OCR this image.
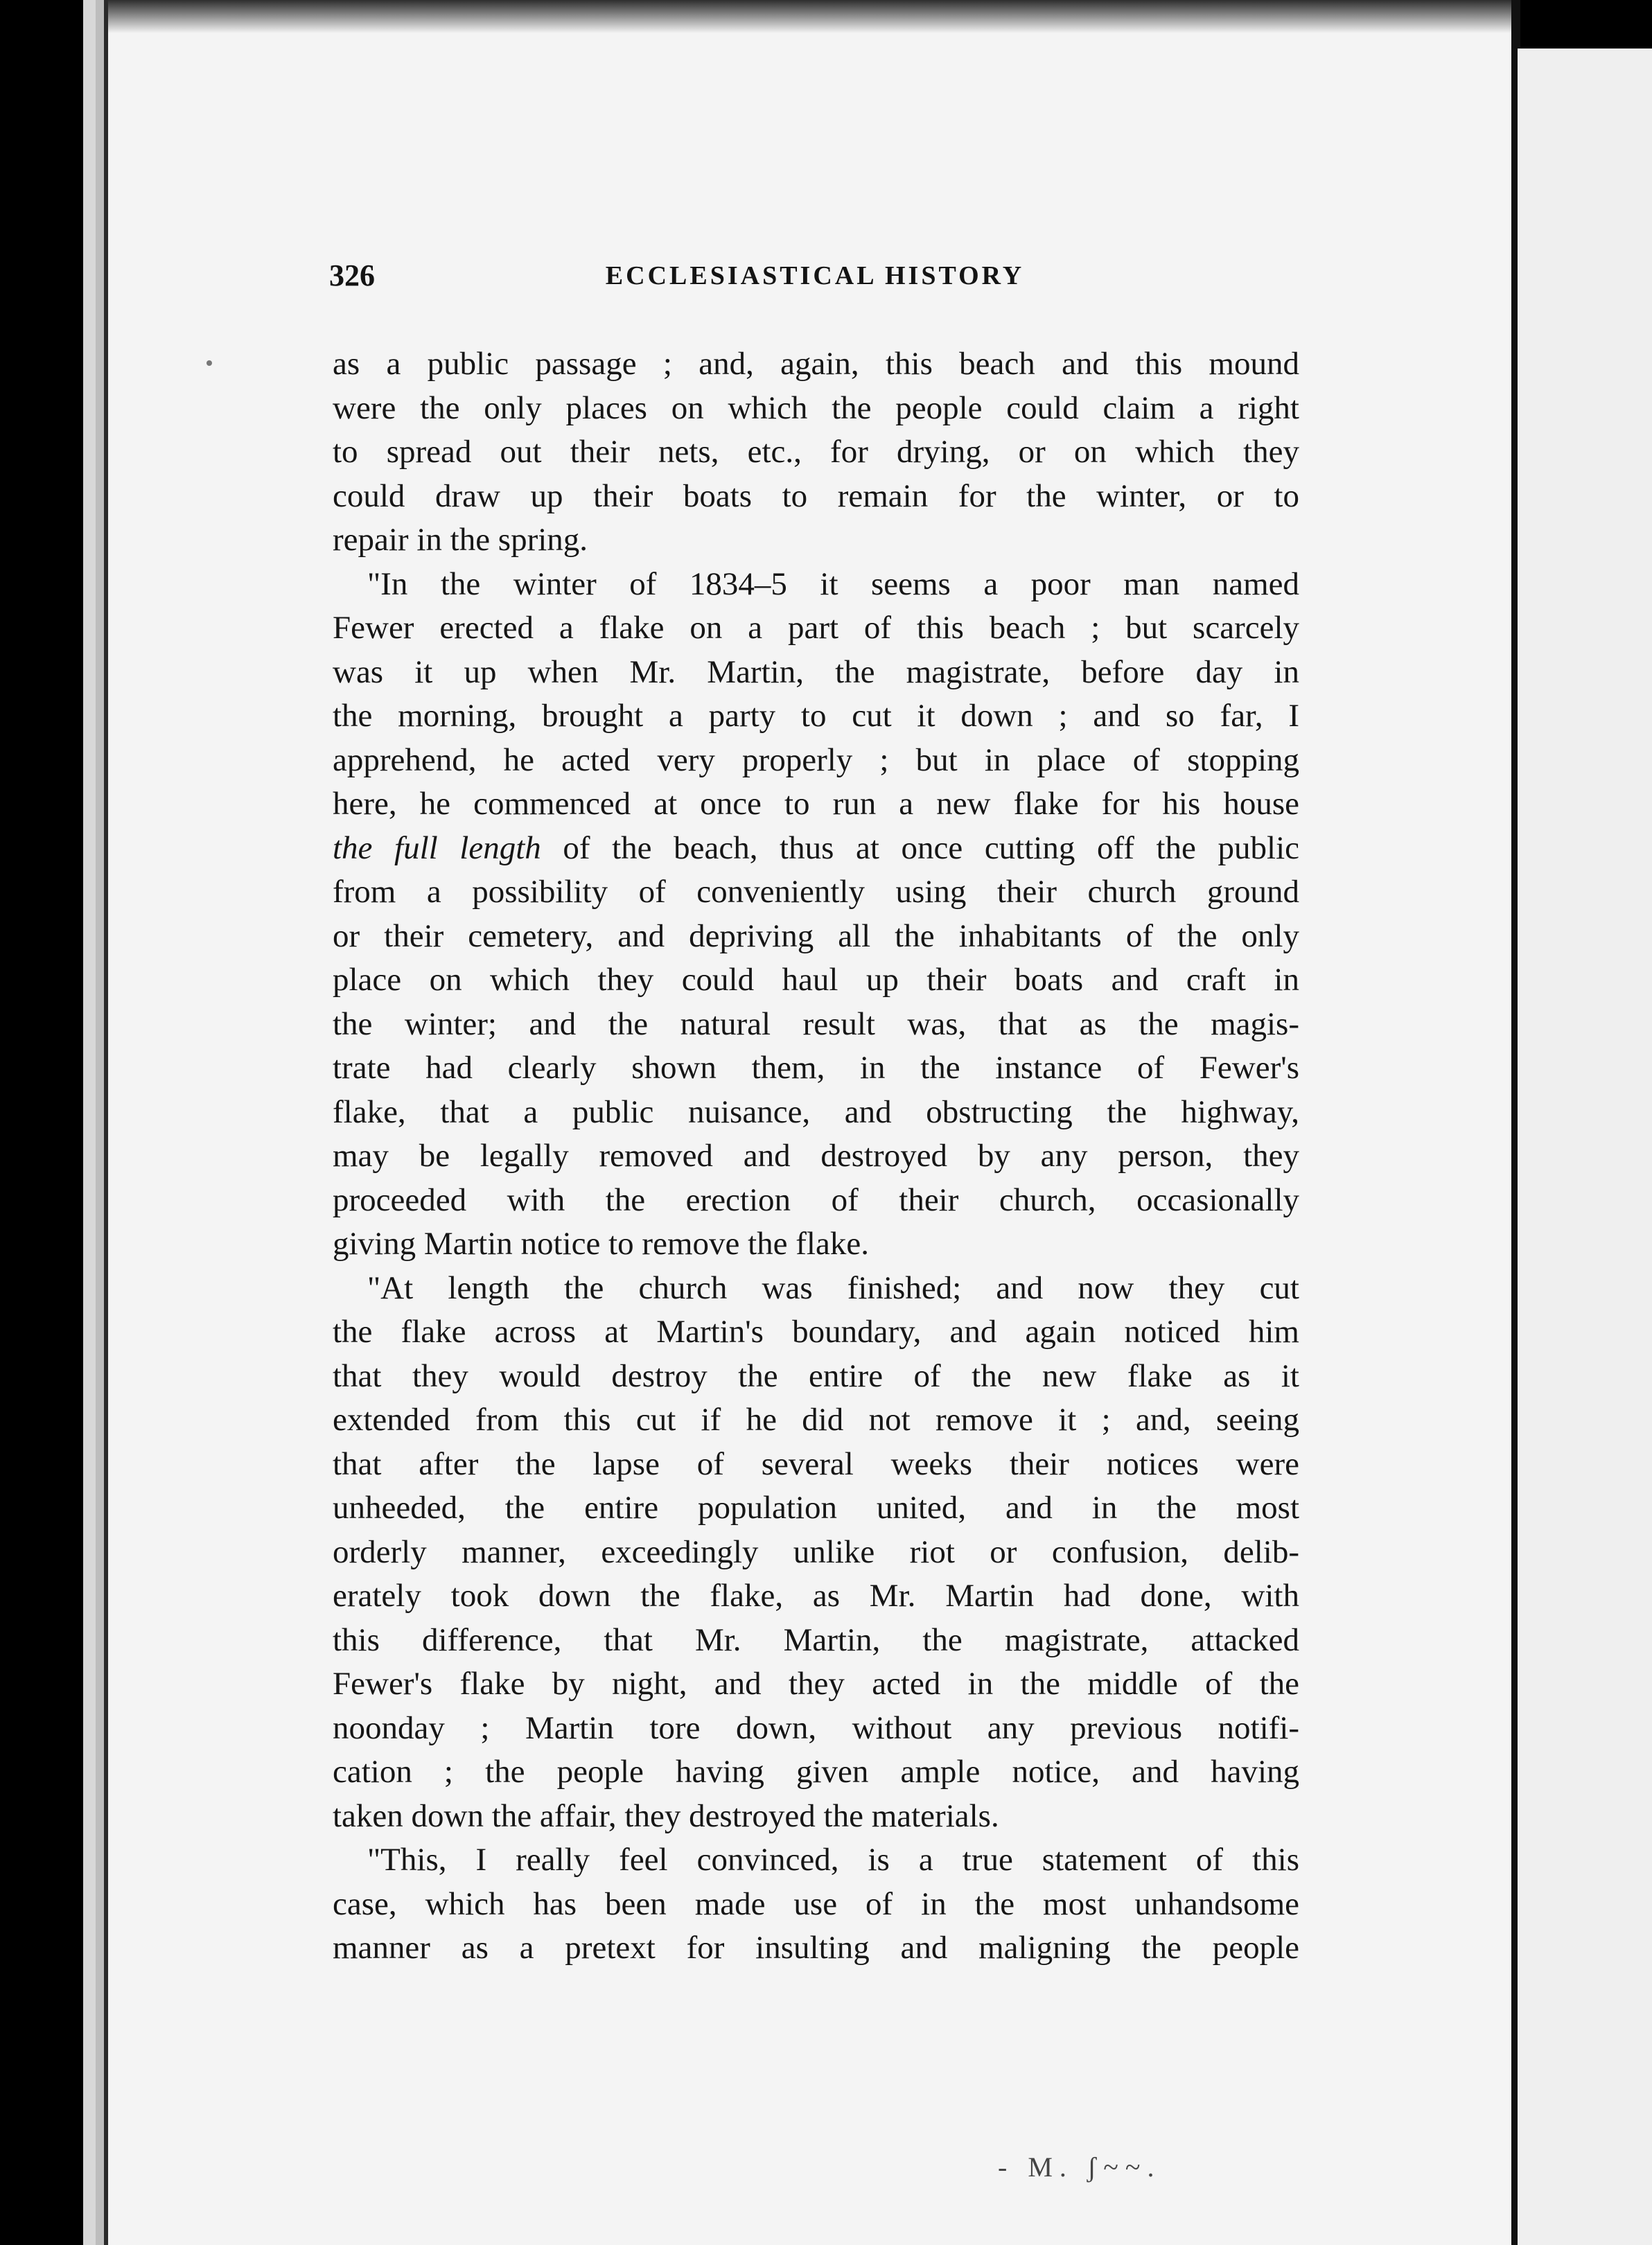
326	ECCLESIASTICAL HISTORY
as a public passage ; and, again, this beach and this mound
were the only places on which the people could claim a right
to spread out their nets, etc., for drying, or on which they
could draw up their boats to remain for the winter, or to
repair in the spring.
"In the winter of 1834–5 it seems a poor man named
Fewer erected a flake on a part of this beach ; but scarcely
was it up when Mr. Martin, the magistrate, before day in
the morning, brought a party to cut it down ; and so far, I
apprehend, he acted very properly ; but in place of stopping
here, he commenced at once to run a new flake for his house
the full length of the beach, thus at once cutting off the public
from a possibility of conveniently using their church ground
or their cemetery, and depriving all the inhabitants of the only
place on which they could haul up their boats and craft in
the winter; and the natural result was, that as the magis-
trate had clearly shown them, in the instance of Fewer's
flake, that a public nuisance, and obstructing the highway,
may be legally removed and destroyed by any person, they
proceeded with the erection of their church, occasionally
giving Martin notice to remove the flake.
"At length the church was finished; and now they cut
the flake across at Martin's boundary, and again noticed him
that they would destroy the entire of the new flake as it
extended from this cut if he did not remove it ; and, seeing
that after the lapse of several weeks their notices were
unheeded, the entire population united, and in the most
orderly manner, exceedingly unlike riot or confusion, delib-
erately took down the flake, as Mr. Martin had done, with
this difference, that Mr. Martin, the magistrate, attacked
Fewer's flake by night, and they acted in the middle of the
noonday ; Martin tore down, without any previous notifi-
cation ; the people having given ample notice, and having
taken down the affair, they destroyed the materials.
"This, I really feel convinced, is a true statement of this
case, which has been made use of in the most unhandsome
manner as a pretext for insulting and maligning the people
- M. ʃ~~.
